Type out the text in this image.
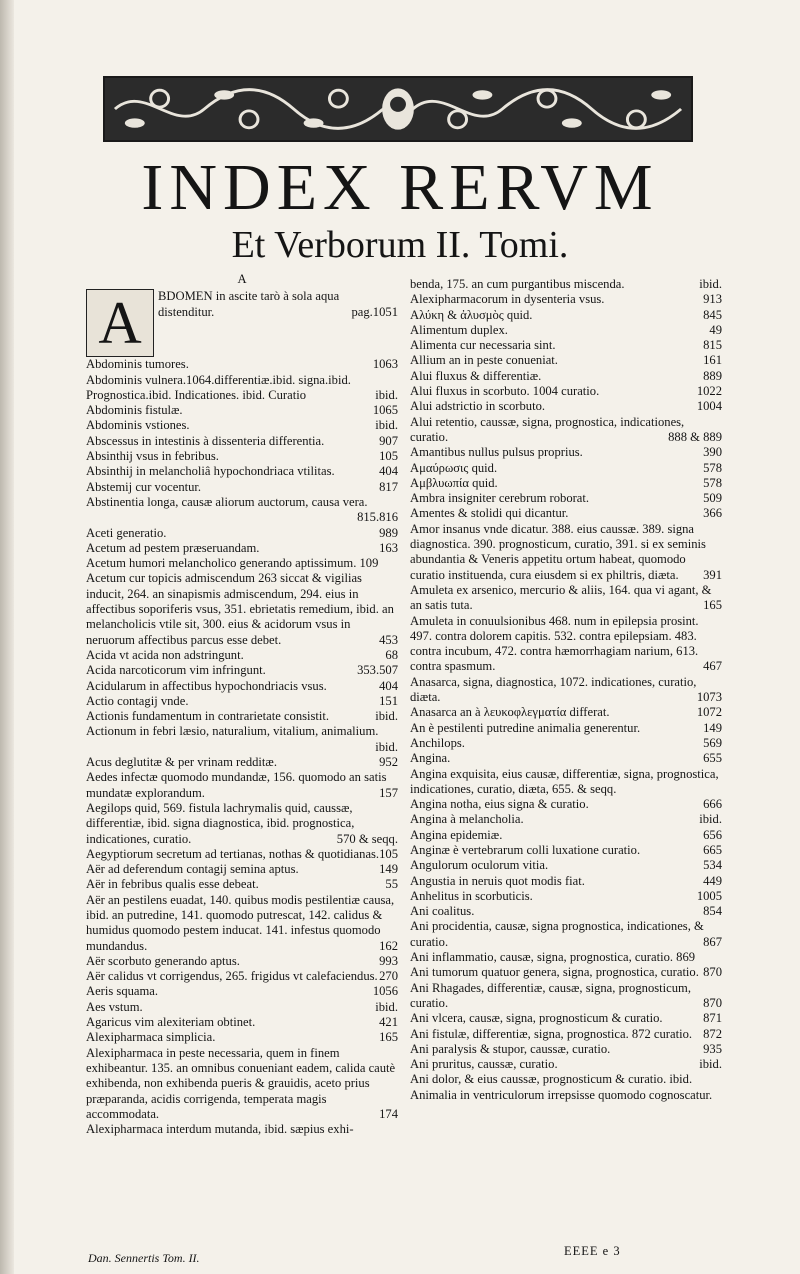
INDEX RERVM
Et Verborum II. Tomi.
A
A	BDOMEN in ascite tarò à sola aqua distenditur.	pag.1051
Abdominis tumores.	1063
Abdominis vulnera.1064.differentiæ.ibid. signa.ibid. Prognostica.ibid. Indicationes. ibid. Curatio	ibid.
Abdominis fistulæ.	1065
Abdominis vstiones.	ibid.
Abscessus in intestinis à dissenteria differentia.	907
Absinthij vsus in febribus.	105
Absinthij in melancholiâ hypochondriaca vtilitas.	404
Abstemij cur vocentur.	817
Abstinentia longa, causæ aliorum auctorum, causa vera.
815.816
Aceti generatio.	989
Acetum ad pestem præseruandam.	163
Acetum humori melancholico generando aptissimum. 109
Acetum cur topicis admiscendum 263 siccat & vigilias inducit, 264. an sinapismis admiscendum, 294. eius in affectibus soporiferis vsus, 351. ebrietatis remedium, ibid. an melancholicis vtile sit, 300. eius & acidorum vsus in neruorum affectibus parcus esse debet.	453
Acida vt acida non adstringunt.	68
Acida narcoticorum vim infringunt.	353.507
Acidularum in affectibus hypochondriacis vsus.	404
Actio contagij vnde.	151
Actionis fundamentum in contrarietate consistit.	ibid.
Actionum in febri læsio, naturalium, vitalium, animalium.
ibid.
Acus deglutitæ & per vrinam redditæ.	952
Aedes infectæ quomodo mundandæ, 156. quomodo an satis mundatæ explorandum.	157
Aegilops quid, 569. fistula lachrymalis quid, caussæ, differentiæ, ibid. signa diagnostica, ibid. prognostica, indicationes, curatio.	570 & seqq.
Aegyptiorum secretum ad tertianas, nothas & quotidianas. 105
Aër ad deferendum contagij semina aptus.	149
Aër in febribus qualis esse debeat.	55
Aër an pestilens euadat, 140. quibus modis pestilentiæ causa, ibid. an putredine, 141. quomodo putrescat, 142. calidus & humidus quomodo pestem inducat. 141. infestus quomodo mundandus.	162
Aër scorbuto generando aptus.	993
Aër calidus vt corrigendus, 265. frigidus vt calefaciendus. 270
Aeris squama.	1056
Aes vstum.	ibid.
Agaricus vim alexiteriam obtinet.	421
Alexipharmaca simplicia.	165
Alexipharmaca in peste necessaria, quem in finem exhibeantur. 135. an omnibus conueniant eadem, calida cautè exhibenda, non exhibenda pueris & grauidis, aceto prius præparanda, acidis corrigenda, temperata magis accommodata.	174
Alexipharmaca interdum mutanda, ibid. sæpius exhi-
benda, 175. an cum purgantibus miscenda.	ibid.
Alexipharmacorum in dysenteria vsus.	913
Αλύκη & ἀλυσμὸς quid.	845
Alimentum duplex.	49
Alimenta cur necessaria sint.	815
Allium an in peste conueniat.	161
Alui fluxus & differentiæ.	889
Alui fluxus in scorbuto. 1004 curatio.	1022
Alui adstrictio in scorbuto.	1004
Alui retentio, caussæ, signa, prognostica, indicationes, curatio.	888 & 889
Amantibus nullus pulsus proprius.	390
Αμαύρωσις quid.	578
Αμβλυωπία quid.	578
Ambra insigniter cerebrum roborat.	509
Amentes & stolidi qui dicantur.	366
Amor insanus vnde dicatur. 388. eius caussæ. 389. signa diagnostica. 390. prognosticum, curatio, 391. si ex seminis abundantia & Veneris appetitu ortum habeat, quomodo curatio instituenda, cura eiusdem si ex philtris, diæta. 391
Amuleta ex arsenico, mercurio & aliis, 164. qua vi agant, & an satis tuta.	165
Amuleta in conuulsionibus 468. num in epilepsia prosint. 497. contra dolorem capitis. 532. contra epilepsiam. 483. contra incubum, 472. contra hæmorrhagiam narium, 613. contra spasmum.	467
Anasarca, signa, diagnostica, 1072. indicationes, curatio, diæta.	1073
Anasarca an à λευκοφλεγματία differat.	1072
An è pestilenti putredine animalia generentur.	149
Anchilops.	569
Angina.	655
Angina exquisita, eius causæ, differentiæ, signa, prognostica, indicationes, curatio, diæta, 655. & seqq.
Angina notha, eius signa & curatio.	666
Angina à melancholia.	ibid.
Angina epidemiæ.	656
Anginæ è vertebrarum colli luxatione curatio.	665
Angulorum oculorum vitia.	534
Angustia in neruis quot modis fiat.	449
Anhelitus in scorbuticis.	1005
Ani coalitus.	854
Ani procidentia, causæ, signa prognostica, indicationes, & curatio.	867
Ani inflammatio, causæ, signa, prognostica, curatio. 869
Ani tumorum quatuor genera, signa, prognostica, curatio. 870
Ani Rhagades, differentiæ, causæ, signa, prognosticum, curatio.	870
Ani vlcera, causæ, signa, prognosticum & curatio.	871
Ani fistulæ, differentiæ, signa, prognostica. 872 curatio. 872
Ani paralysis & stupor, caussæ, curatio.	935
Ani pruritus, caussæ, curatio.	ibid.
Ani dolor, & eius caussæ, prognosticum & curatio. ibid.
Animalia in ventriculorum irrepsisse quomodo cognoscatur.
Dan. Sennertis Tom. II.	EEEE e 3
